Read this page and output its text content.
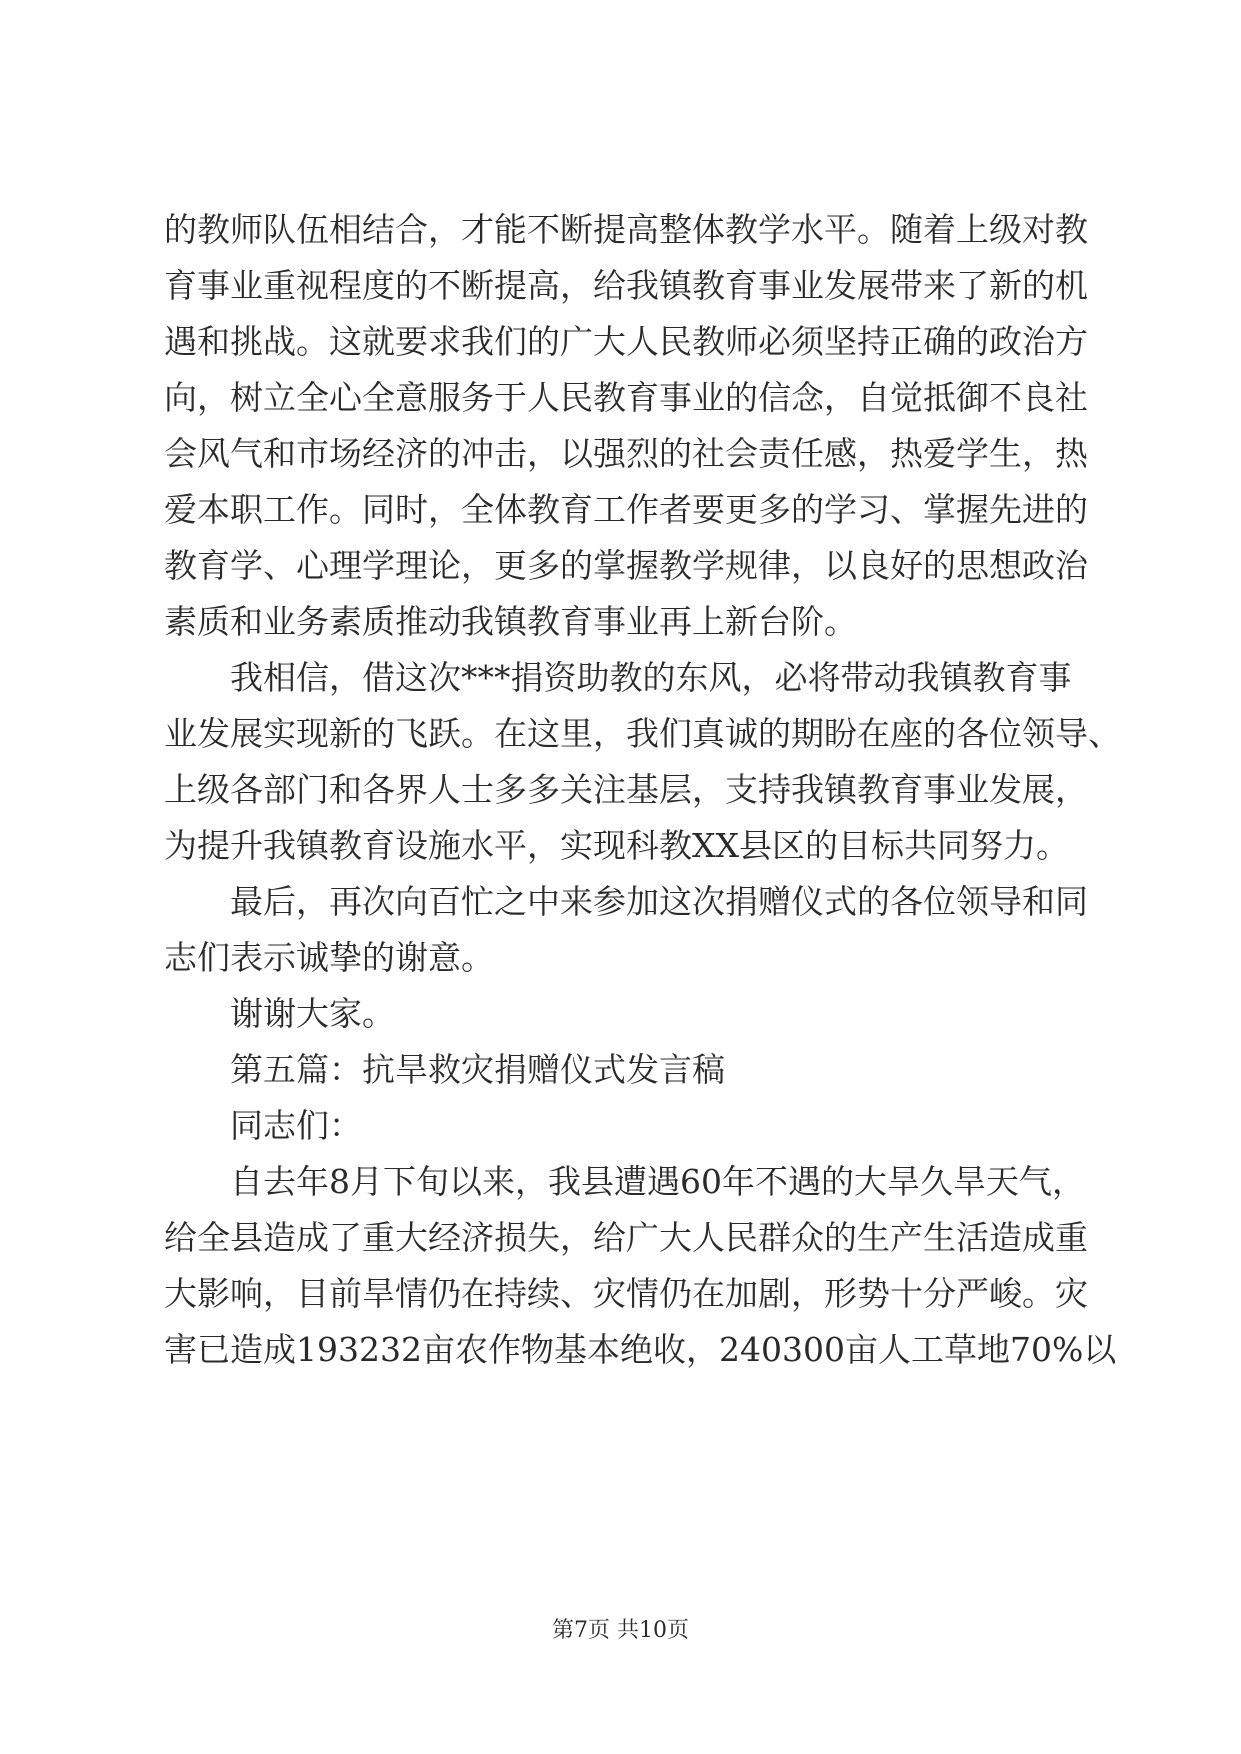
的教师队伍相结合，才能不断提高整体教学水平。随着上级对教
育事业重视程度的不断提高，给我镇教育事业发展带来了新的机
遇和挑战。这就要求我们的广大人民教师必须坚持正确的政治方
向，树立全心全意服务于人民教育事业的信念，自觉抵御不良社
会风气和市场经济的冲击，以强烈的社会责任感，热爱学生，热
爱本职工作。同时，全体教育工作者要更多的学习、掌握先进的
教育学、心理学理论，更多的掌握教学规律，以良好的思想政治
素质和业务素质推动我镇教育事业再上新台阶。
　　我相信，借这次***捐资助教的东风，必将带动我镇教育事
业发展实现新的飞跃。在这里，我们真诚的期盼在座的各位领导、
上级各部门和各界人士多多关注基层，支持我镇教育事业发展，
为提升我镇教育设施水平，实现科教XX县区的目标共同努力。
　　最后，再次向百忙之中来参加这次捐赠仪式的各位领导和同
志们表示诚挚的谢意。
　　谢谢大家。
　　第五篇：抗旱救灾捐赠仪式发言稿
　　同志们：
　　自去年8月下旬以来，我县遭遇60年不遇的大旱久旱天气，
给全县造成了重大经济损失，给广大人民群众的生产生活造成重
大影响，目前旱情仍在持续、灾情仍在加剧，形势十分严峻。灾
害已造成193232亩农作物基本绝收，240300亩人工草地70%以
第7页 共10页
